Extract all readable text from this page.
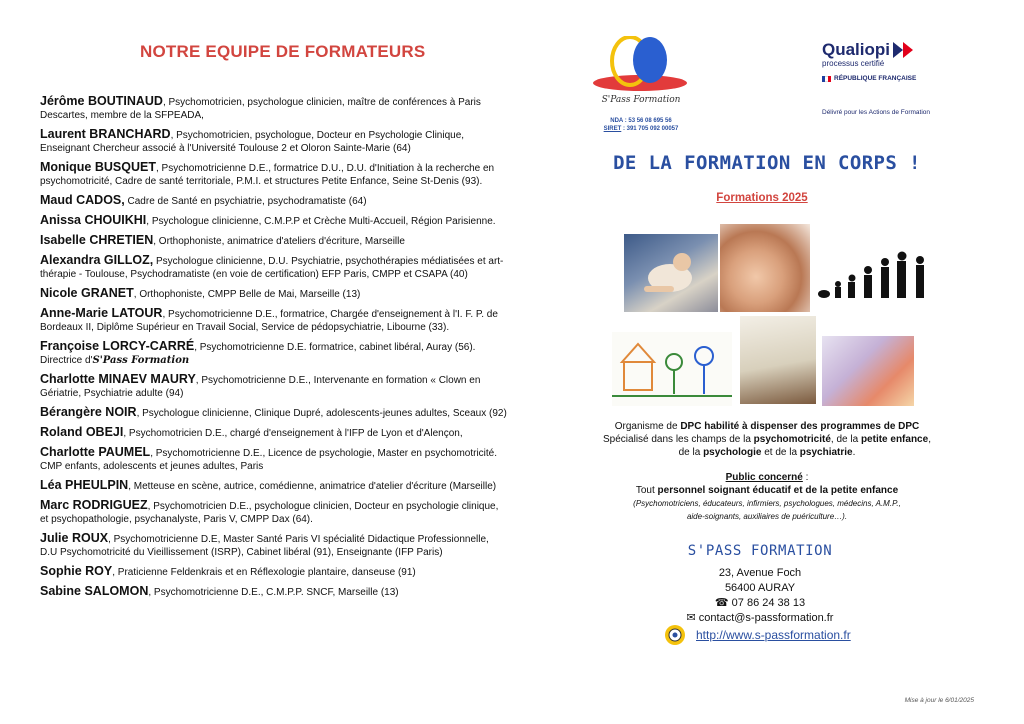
NOTRE EQUIPE DE FORMATEURS
Jérôme BOUTINAUD, Psychomotricien, psychologue clinicien, maître de conférences à Paris Descartes, membre de la SFPEADA,
Laurent BRANCHARD, Psychomotricien, psychologue, Docteur en Psychologie Clinique, Enseignant Chercheur associé à l'Université Toulouse 2 et Oloron Sainte-Marie (64)
Monique BUSQUET, Psychomotricienne D.E., formatrice D.U., D.U. d'Initiation à la recherche en psychomotricité, Cadre de santé territoriale, P.M.I. et structures Petite Enfance, Seine St-Denis (93).
Maud CADOS, Cadre de Santé en psychiatrie, psychodramatiste (64)
Anissa CHOUIKHI, Psychologue clinicienne, C.M.P.P et Crèche Multi-Accueil, Région Parisienne.
Isabelle CHRETIEN, Orthophoniste, animatrice d'ateliers d'écriture, Marseille
Alexandra GILLOZ, Psychologue clinicienne, D.U. Psychiatrie, psychothérapies médiatisées et art-thérapie - Toulouse, Psychodramatiste (en voie de certification) EFP Paris, CMPP et CSAPA (40)
Nicole GRANET, Orthophoniste, CMPP Belle de Mai, Marseille (13)
Anne-Marie LATOUR, Psychomotricienne D.E., formatrice, Chargée d'enseignement à l'I. F. P. de Bordeaux II, Diplôme Supérieur en Travail Social, Service de pédopsychiatrie, Libourne (33).
Françoise LORCY-CARRÉ, Psychomotricienne D.E. formatrice, cabinet libéral, Auray (56). Directrice d'S'Pass Formation
Charlotte MINAEV MAURY, Psychomotricienne D.E., Intervenante en formation « Clown en Gériatrie, Psychiatrie adulte (94)
Bérangère NOIR, Psychologue clinicienne, Clinique Dupré, adolescents-jeunes adultes, Sceaux (92)
Roland OBEJI, Psychomotricien D.E., chargé d'enseignement à l'IFP de Lyon et d'Alençon,
Charlotte PAUMEL, Psychomotricienne D.E., Licence de psychologie, Master en psychomotricité. CMP enfants, adolescents et jeunes adultes, Paris
Léa PHEULPIN, Metteuse en scène, autrice, comédienne, animatrice d'atelier d'écriture (Marseille)
Marc RODRIGUEZ, Psychomotricien D.E., psychologue clinicien, Docteur en psychologie clinique, et psychopathologie, psychanalyste, Paris V, CMPP Dax (64).
Julie ROUX, Psychomotricienne D.E, Master Santé Paris VI spécialité Didactique Professionnelle, D.U Psychomotricité du Vieillissement (ISRP), Cabinet libéral (91), Enseignante (IFP Paris)
Sophie ROY, Praticienne Feldenkrais et en Réflexologie plantaire, danseuse (91)
Sabine SALOMON, Psychomotricienne D.E., C.M.P.P. SNCF, Marseille (13)
S'Pass Formation
NDA : 53 56 08 695 56
SIRET : 391 705 092 00057
Qualiopi
processus certifié
RÉPUBLIQUE FRANÇAISE
Délivré pour les Actions de Formation
DE LA FORMATION EN CORPS !
Formations 2025
Organisme de DPC habilité à dispenser des programmes de DPC
Spécialisé dans les champs de la psychomotricité, de la petite enfance,
de la psychologie et de la psychiatrie.
Public concerné :
Tout personnel soignant éducatif et de la petite enfance
(Psychomotriciens, éducateurs, infirmiers, psychologues, médecins, A.M.P.,
aide-soignants, auxiliaires de puériculture…).
S'PASS FORMATION
23, Avenue Foch
56400 AURAY
☎ 07 86 24 38 13
✉ contact@s-passformation.fr
http://www.s-passformation.fr
Mise à jour le 6/01/2025
